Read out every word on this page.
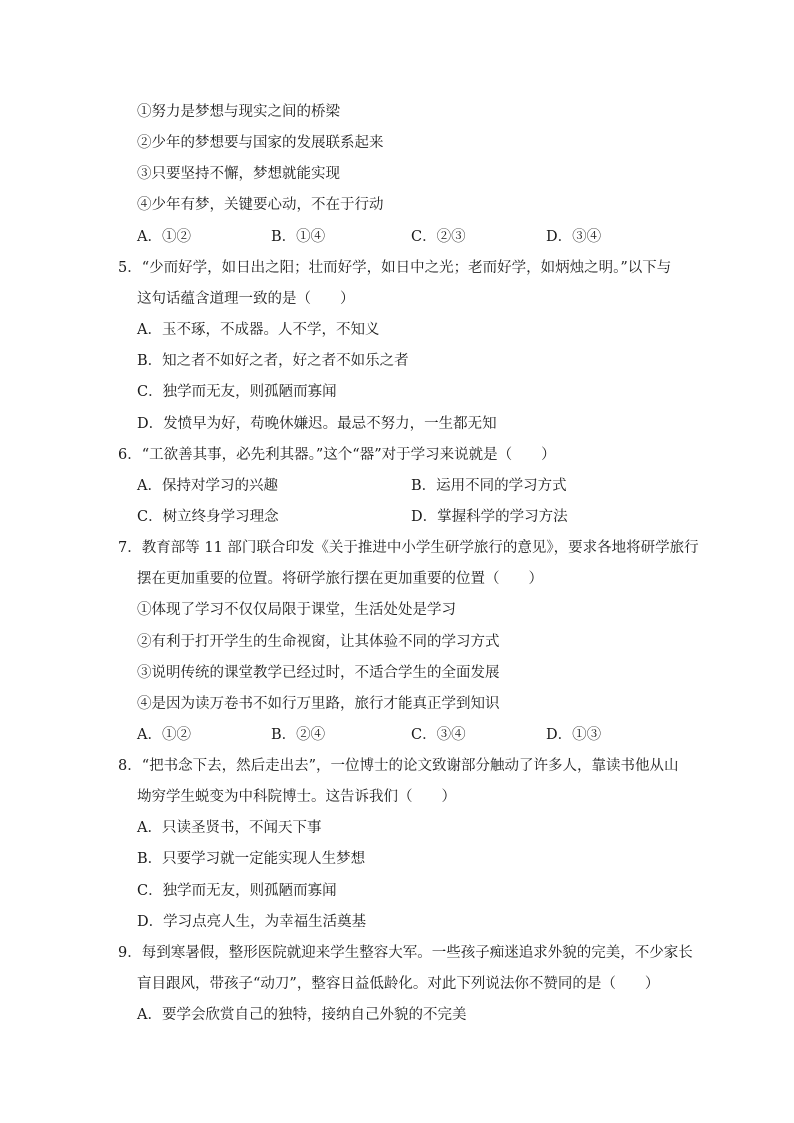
①努力是梦想与现实之间的桥梁
②少年的梦想要与国家的发展联系起来
③只要坚持不懈，梦想就能实现
④少年有梦，关键要心动，不在于行动
A．①②	B．①④	C．②③	D．③④
5．“少而好学，如日出之阳；壮而好学，如日中之光；老而好学，如炳烛之明。”以下与
这句话蕴含道理一致的是（　　）
A．玉不琢，不成器。人不学，不知义
B．知之者不如好之者，好之者不如乐之者
C．独学而无友，则孤陋而寡闻
D．发愤早为好，苟晚休嫌迟。最忌不努力，一生都无知
6．“工欲善其事，必先利其器。”这个“器”对于学习来说就是（　　）
A．保持对学习的兴趣	B．运用不同的学习方式
C．树立终身学习理念	D．掌握科学的学习方法
7．教育部等 11 部门联合印发《关于推进中小学生研学旅行的意见》，要求各地将研学旅行
摆在更加重要的位置。将研学旅行摆在更加重要的位置（　　）
①体现了学习不仅仅局限于课堂，生活处处是学习
②有利于打开学生的生命视窗，让其体验不同的学习方式
③说明传统的课堂教学已经过时，不适合学生的全面发展
④是因为读万卷书不如行万里路，旅行才能真正学到知识
A．①②	B．②④	C．③④	D．①③
8．“把书念下去，然后走出去”，一位博士的论文致谢部分触动了许多人，靠读书他从山
坳穷学生蜕变为中科院博士。这告诉我们（　　）
A．只读圣贤书，不闻天下事
B．只要学习就一定能实现人生梦想
C．独学而无友，则孤陋而寡闻
D．学习点亮人生，为幸福生活奠基
9．每到寒暑假，整形医院就迎来学生整容大军。一些孩子痴迷追求外貌的完美，不少家长
盲目跟风，带孩子“动刀”，整容日益低龄化。对此下列说法你不赞同的是（　　）
A．要学会欣赏自己的独特，接纳自己外貌的不完美
